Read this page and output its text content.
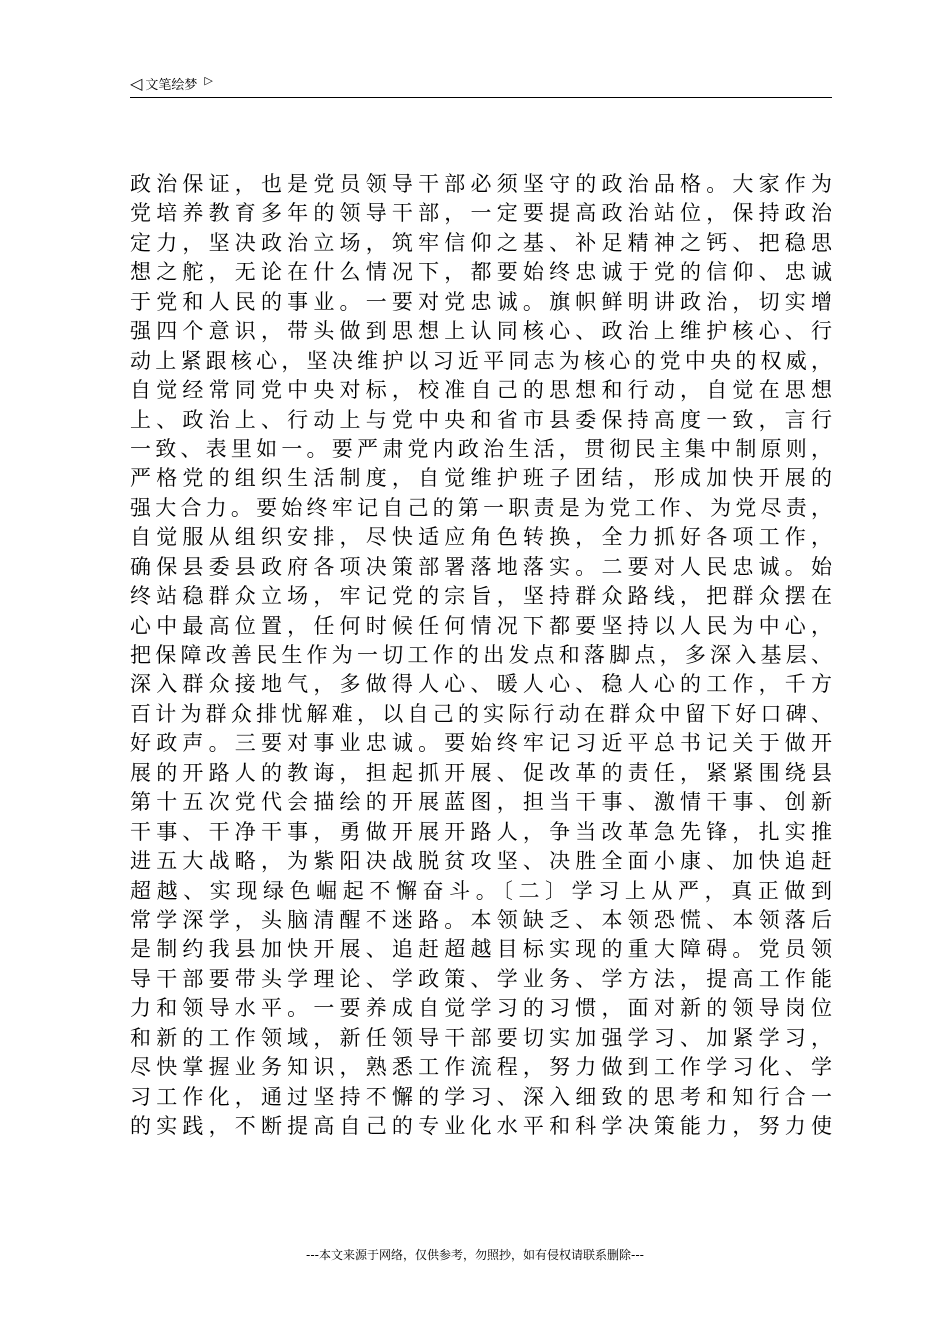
◁ 文笔绘梦 ▷
政治保证，也是党员领导干部必须坚守的政治品格。大家作为
党培养教育多年的领导干部，一定要提高政治站位，保持政治
定力，坚决政治立场，筑牢信仰之基、补足精神之钙、把稳思
想之舵，无论在什么情况下，都要始终忠诚于党的信仰、忠诚
于党和人民的事业。一要对党忠诚。旗帜鲜明讲政治，切实增
强四个意识，带头做到思想上认同核心、政治上维护核心、行
动上紧跟核心，坚决维护以习近平同志为核心的党中央的权威，
自觉经常同党中央对标，校准自己的思想和行动，自觉在思想
上、政治上、行动上与党中央和省市县委保持高度一致，言行
一致、表里如一。要严肃党内政治生活，贯彻民主集中制原则，
严格党的组织生活制度，自觉维护班子团结，形成加快开展的
强大合力。要始终牢记自己的第一职责是为党工作、为党尽责，
自觉服从组织安排，尽快适应角色转换，全力抓好各项工作，
确保县委县政府各项决策部署落地落实。二要对人民忠诚。始
终站稳群众立场，牢记党的宗旨，坚持群众路线，把群众摆在
心中最高位置，任何时候任何情况下都要坚持以人民为中心，
把保障改善民生作为一切工作的出发点和落脚点，多深入基层、
深入群众接地气，多做得人心、暖人心、稳人心的工作，千方
百计为群众排忧解难，以自己的实际行动在群众中留下好口碑、
好政声。三要对事业忠诚。要始终牢记习近平总书记关于做开
展的开路人的教诲，担起抓开展、促改革的责任，紧紧围绕县
第十五次党代会描绘的开展蓝图，担当干事、激情干事、创新
干事、干净干事，勇做开展开路人，争当改革急先锋，扎实推
进五大战略，为紫阳决战脱贫攻坚、决胜全面小康、加快追赶
超越、实现绿色崛起不懈奋斗。〔二〕学习上从严，真正做到
常学深学，头脑清醒不迷路。本领缺乏、本领恐慌、本领落后
是制约我县加快开展、追赶超越目标实现的重大障碍。党员领
导干部要带头学理论、学政策、学业务、学方法，提高工作能
力和领导水平。一要养成自觉学习的习惯，面对新的领导岗位
和新的工作领域，新任领导干部要切实加强学习、加紧学习，
尽快掌握业务知识，熟悉工作流程，努力做到工作学习化、学
习工作化，通过坚持不懈的学习、深入细致的思考和知行合一
的实践，不断提高自己的专业化水平和科学决策能力，努力使
---本文来源于网络，仅供参考，勿照抄，如有侵权请联系删除---
